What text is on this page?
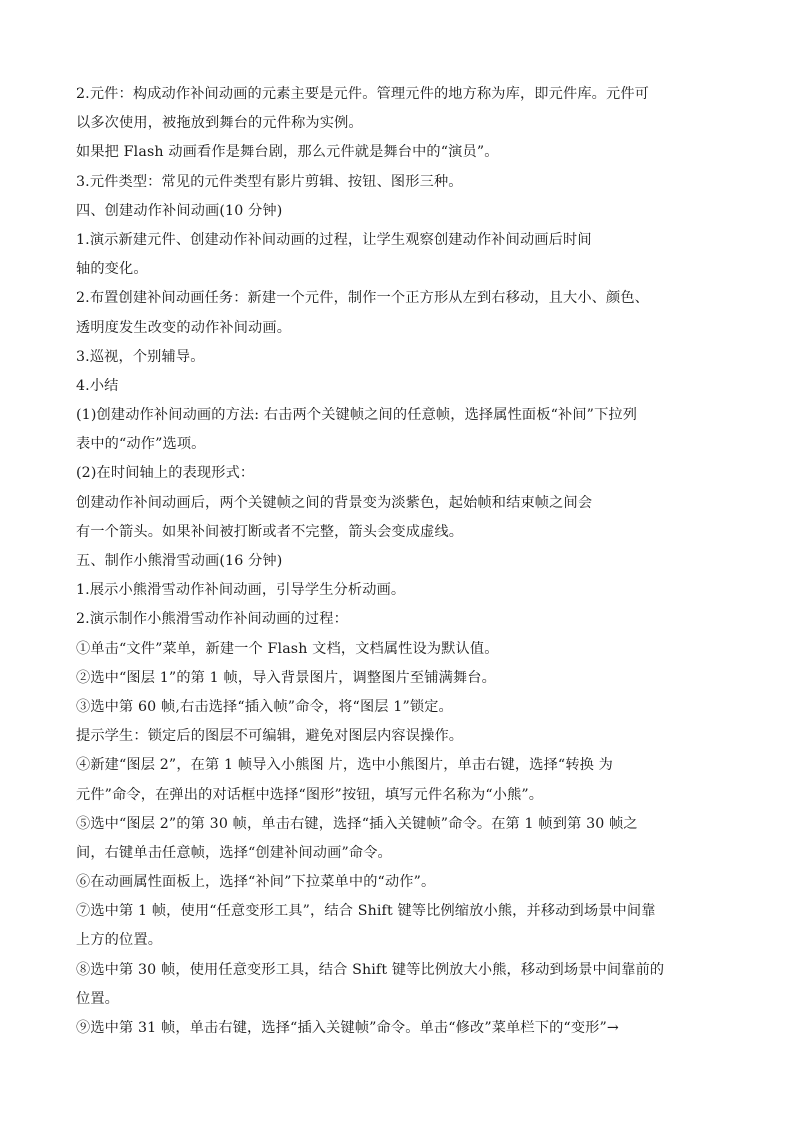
2.元件：构成动作补间动画的元素主要是元件。管理元件的地方称为库，即元件库。元件可
以多次使用，被拖放到舞台的元件称为实例。
如果把 Flash 动画看作是舞台剧，那么元件就是舞台中的“演员”。
3.元件类型：常见的元件类型有影片剪辑、按钮、图形三种。
四、创建动作补间动画(10 分钟)
1.演示新建元件、创建动作补间动画的过程，让学生观察创建动作补间动画后时间
轴的变化。
2.布置创建补间动画任务：新建一个元件，制作一个正方形从左到右移动，且大小、颜色、
透明度发生改变的动作补间动画。
3.巡视，个别辅导。
4.小结
(1)创建动作补间动画的方法: 右击两个关键帧之间的任意帧，选择属性面板“补间”下拉列
表中的“动作”选项。
(2)在时间轴上的表现形式：
创建动作补间动画后，两个关键帧之间的背景变为淡紫色，起始帧和结束帧之间会
有一个箭头。如果补间被打断或者不完整，箭头会变成虚线。
五、制作小熊滑雪动画(16 分钟)
1.展示小熊滑雪动作补间动画，引导学生分析动画。
2.演示制作小熊滑雪动作补间动画的过程：
①单击“文件”菜单，新建一个 Flash 文档，文档属性设为默认值。
②选中“图层 1”的第 1 帧，导入背景图片，调整图片至铺满舞台。
③选中第 60 帧,右击选择“插入帧”命令，将“图层 1”锁定。
提示学生：锁定后的图层不可编辑，避免对图层内容误操作。
④新建“图层 2”，在第 1 帧导入小熊图 片，选中小熊图片，单击右键，选择“转换 为
元件”命令，在弹出的对话框中选择“图形”按钮，填写元件名称为“小熊”。
⑤选中“图层 2”的第 30 帧，单击右键，选择“插入关键帧”命令。在第 1 帧到第 30 帧之
间，右键单击任意帧，选择“创建补间动画”命令。
⑥在动画属性面板上，选择“补间”下拉菜单中的“动作”。
⑦选中第 1 帧，使用“任意变形工具”，结合 Shift 键等比例缩放小熊，并移动到场景中间靠
上方的位置。
⑧选中第 30 帧，使用任意变形工具，结合 Shift 键等比例放大小熊，移动到场景中间靠前的
位置。
⑨选中第 31 帧，单击右键，选择“插入关键帧”命令。单击“修改”菜单栏下的“变形”→
